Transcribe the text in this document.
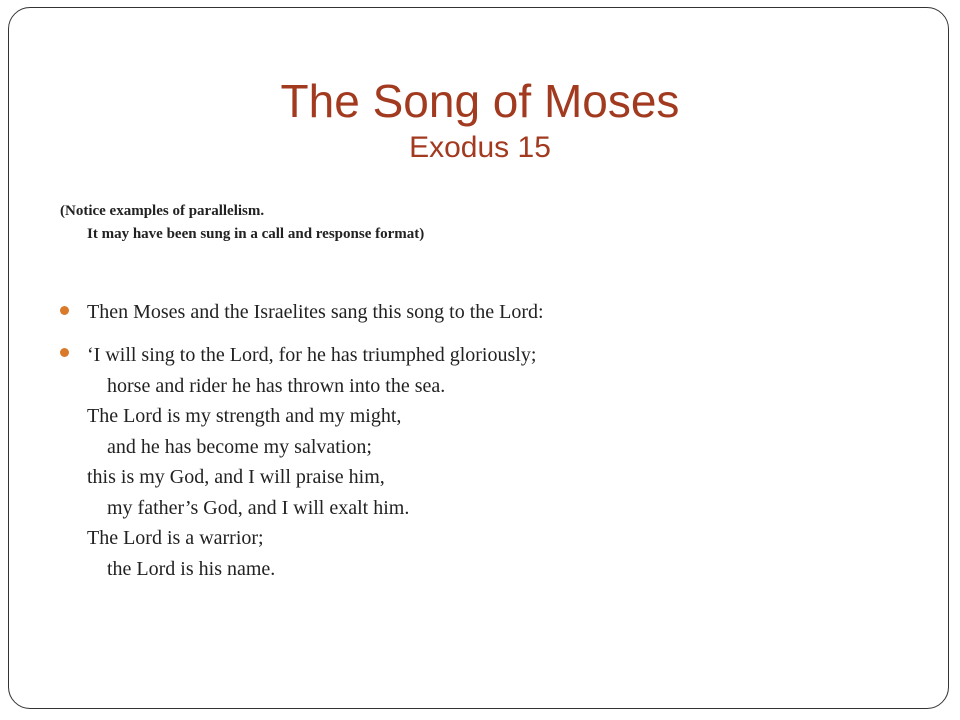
The Song of Moses
Exodus 15
(Notice examples of parallelism.
It may have been sung in a call and response format)
Then Moses and the Israelites sang this song to the Lord:
‘I will sing to the Lord, for he has triumphed gloriously;
horse and rider he has thrown into the sea.
The Lord is my strength and my might,
and he has become my salvation;
this is my God, and I will praise him,
my father’s God, and I will exalt him.
The Lord is a warrior;
the Lord is his name.
